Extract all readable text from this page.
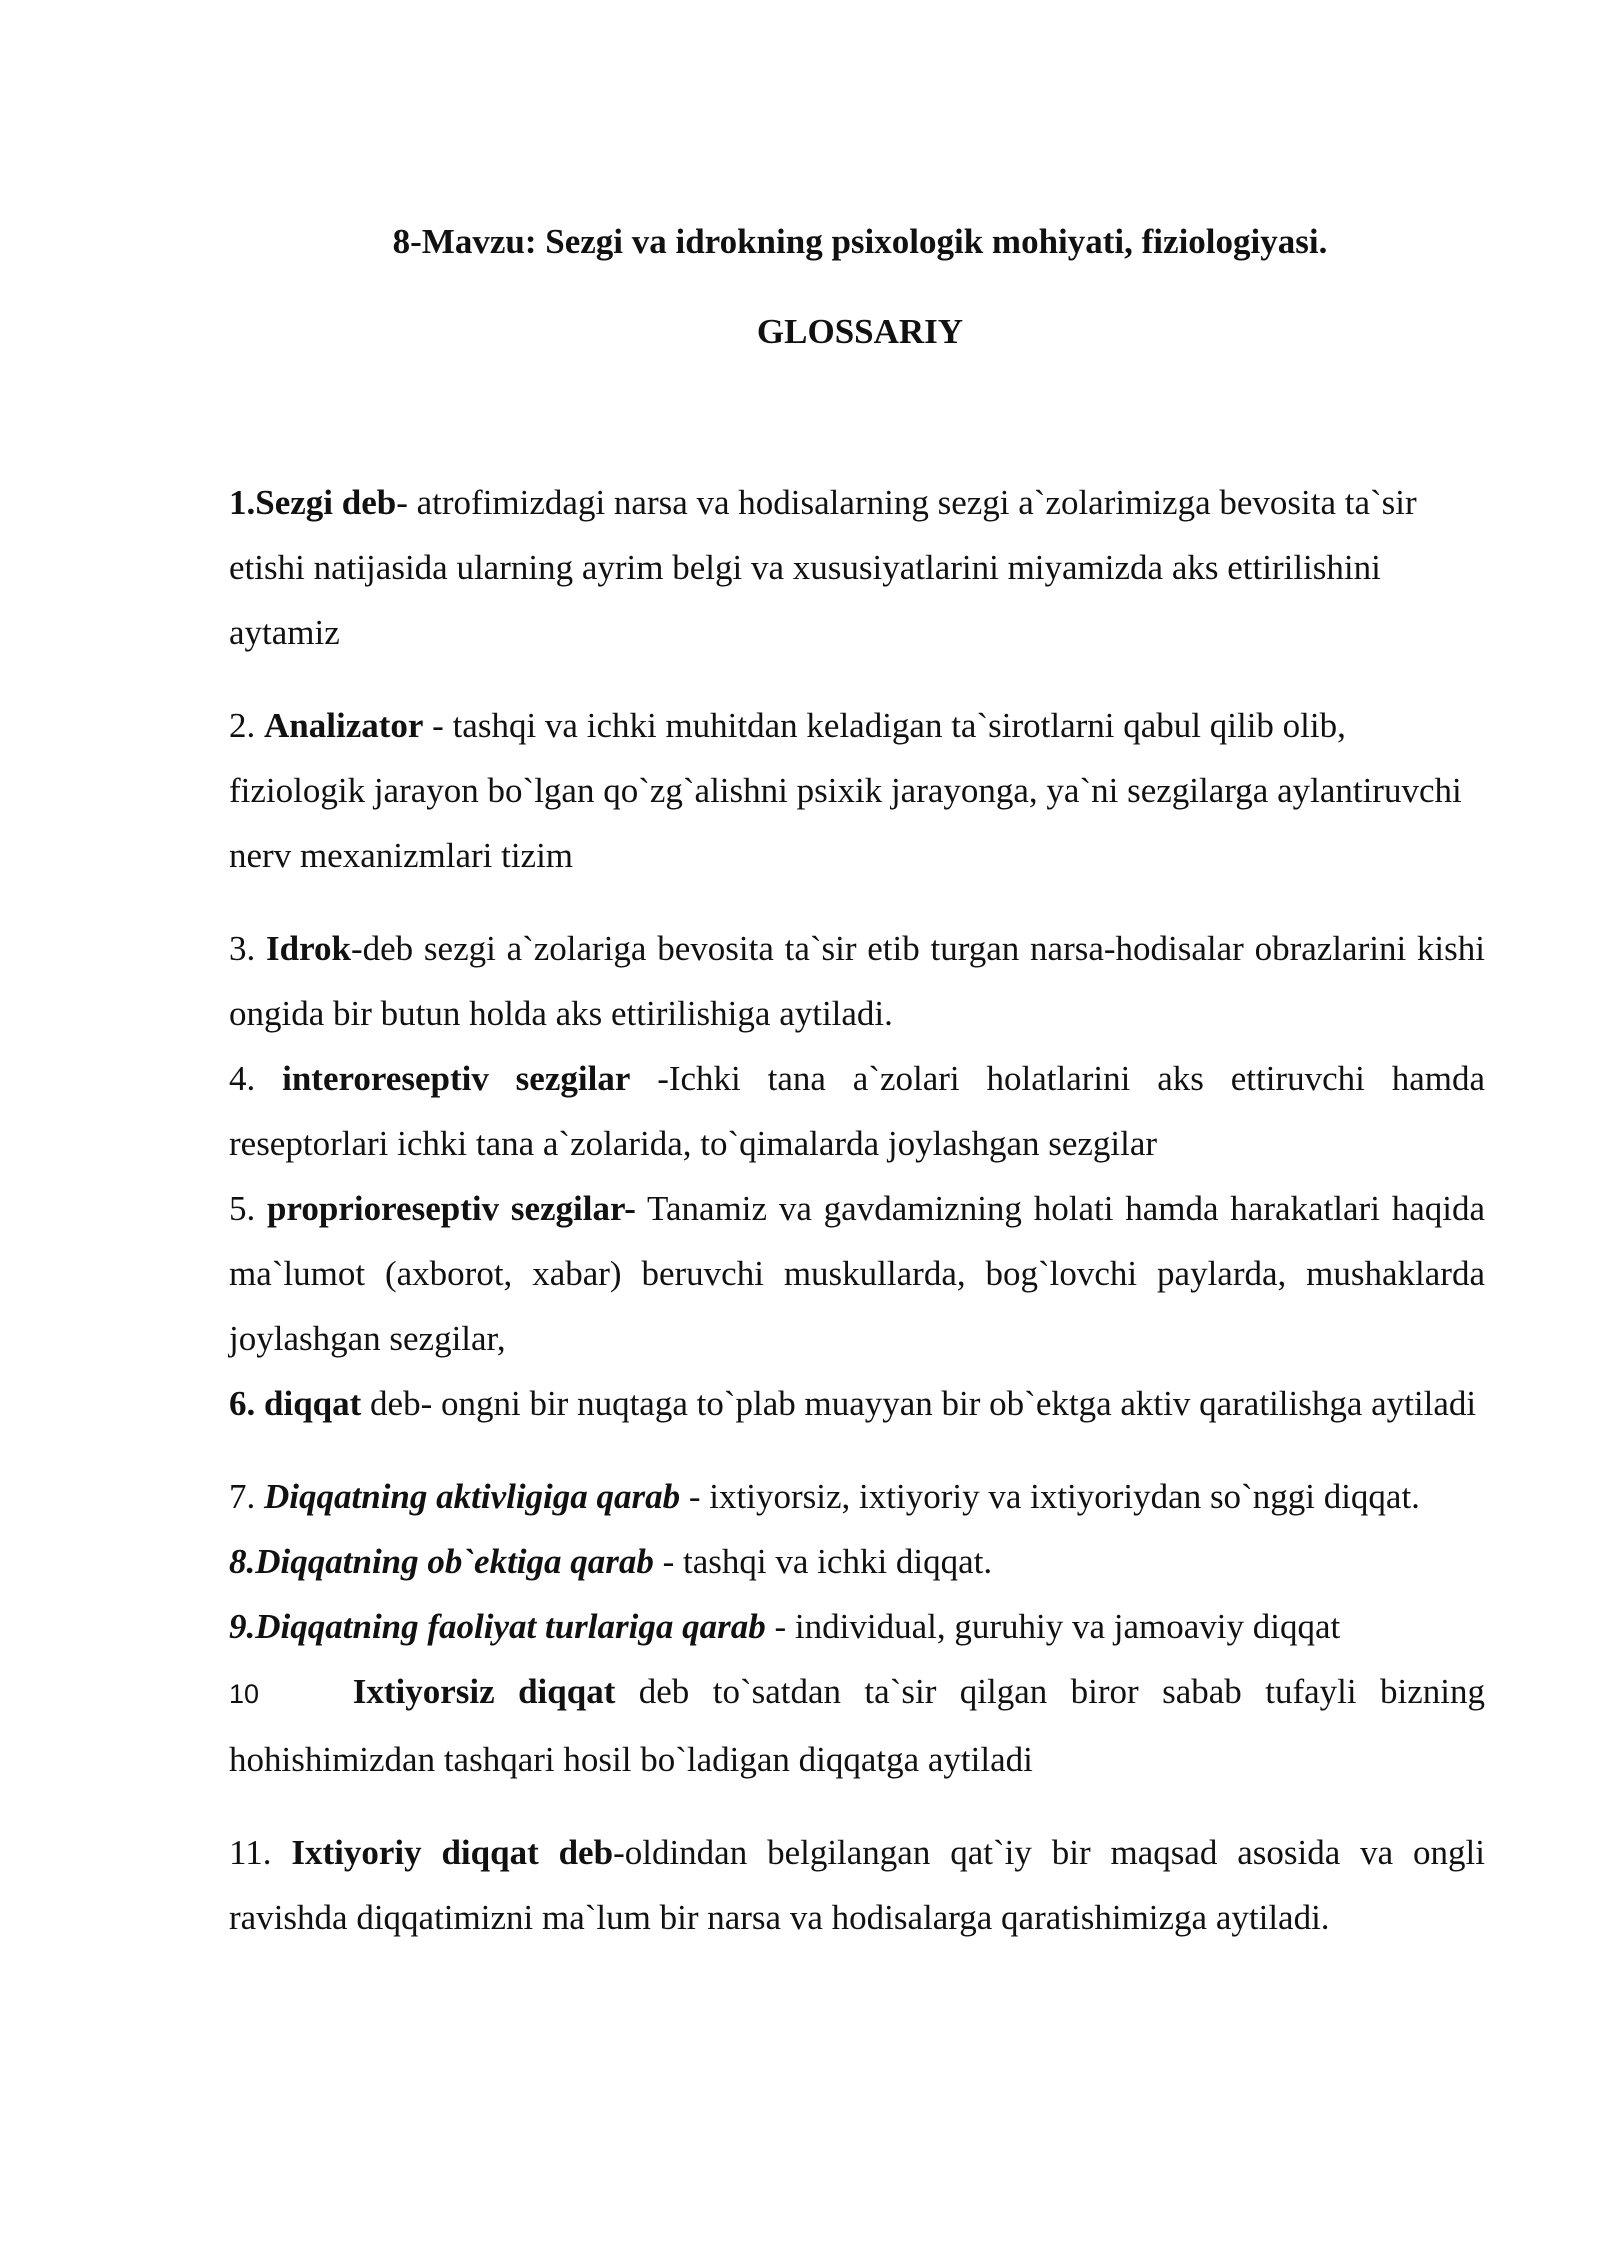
8-Mavzu: Sezgi va idrokning psixologik mohiyati, fiziologiyasi.
GLOSSARIY

1.Sezgi deb- atrofimizdagi narsa va hodisalarning sezgi a`zolarimizga bevosita ta`sir etishi natijasida ularning ayrim belgi va xususiyatlarini miyamizda aks ettirilishini aytamiz

2. Analizator - tashqi va ichki muhitdan keladigan ta`sirotlarni qabul qilib olib, fiziologik jarayon bo`lgan qo`zg`alishni psixik jarayonga, ya`ni sezgilarga aylantiruvchi nerv mexanizmlari tizim

3. Idrok-deb sezgi a`zolariga bevosita ta`sir etib turgan narsa-hodisalar obrazlarini kishi ongida bir butun holda aks ettirilishiga aytiladi.

4. interoreseptiv sezgilar -Ichki tana a`zolari holatlarini aks ettiruvchi hamda reseptorlari ichki tana a`zolarida, to`qimalarda joylashgan sezgilar

5. proprioreseptiv sezgilar- Tanamiz va gavdamizning holati hamda harakatlari haqida ma`lumot (axborot, xabar) beruvchi muskullarda, bog`lovchi paylarda, mushaklarda joylashgan sezgilar,

6. diqqat deb- ongni bir nuqtaga to`plab muayyan bir ob`ektga aktiv qaratilishga aytiladi

7. Diqqatning aktivligiga qarab - ixtiyorsiz, ixtiyoriy va ixtiyoriydan so`nggi diqqat.

8.Diqqatning ob`ektiga qarab - tashqi va ichki diqqat.

9.Diqqatning faoliyat turlariga qarab - individual, guruhiy va jamoaviy diqqat

10	Ixtiyorsiz diqqat deb to`satdan ta`sir qilgan biror sabab tufayli bizning hohishimizdan tashqari hosil bo`ladigan diqqatga aytiladi

11. Ixtiyoriy diqqat deb-oldindan belgilangan qat`iy bir maqsad asosida va ongli ravishda diqqatimizni ma`lum bir narsa va hodisalarga qaratishimizga aytiladi.
